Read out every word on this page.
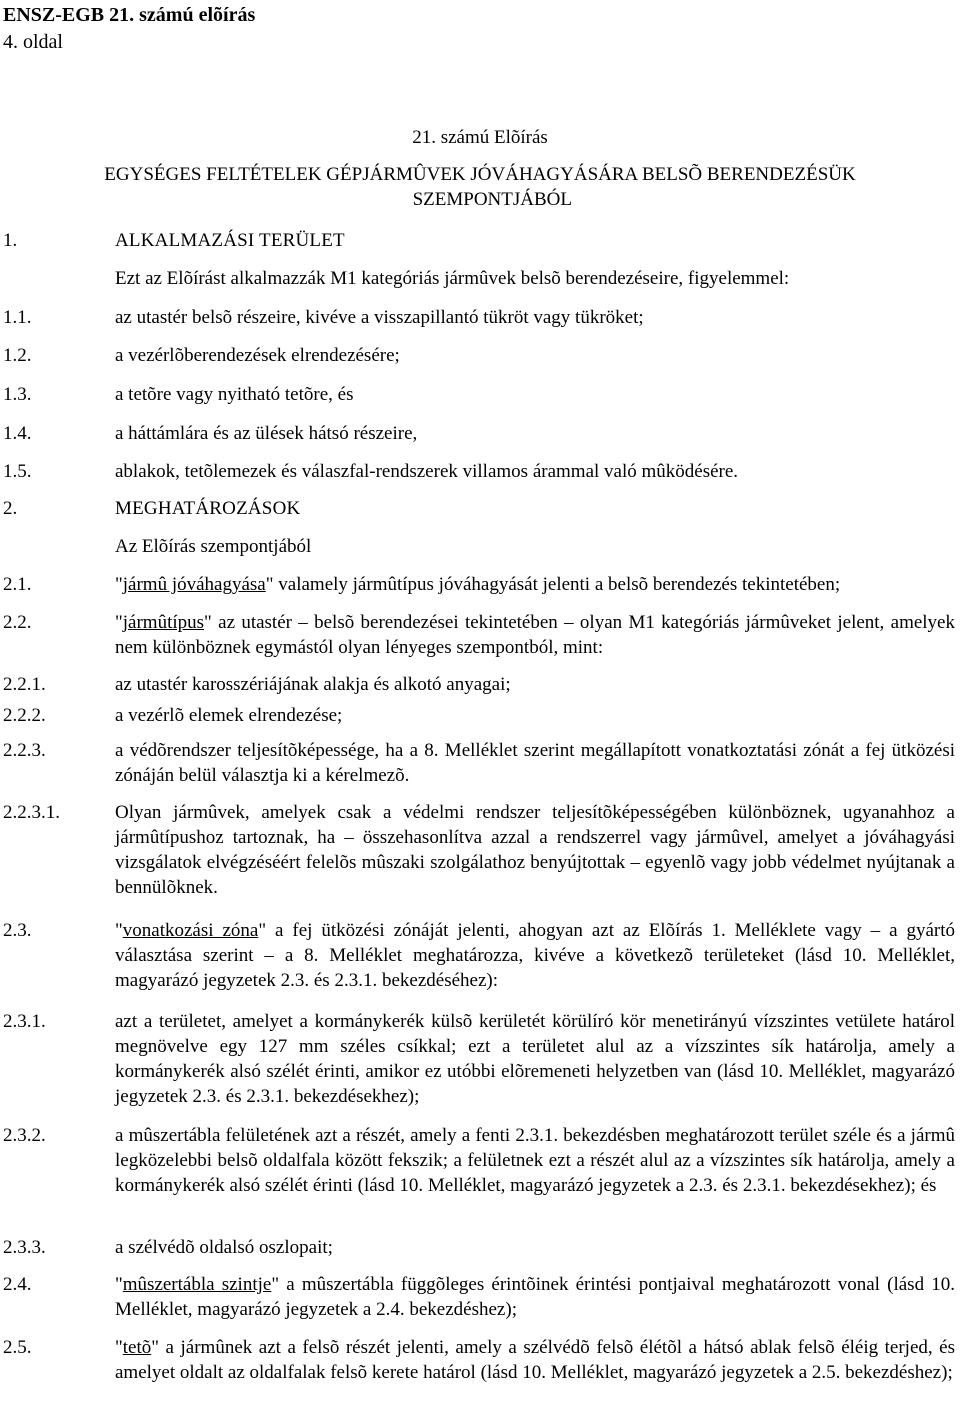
ENSZ-EGB 21. számú elõírás
4. oldal
21. számú Elõírás
EGYSÉGES FELTÉTELEK GÉPJÁRMÛVEK JÓVÁHAGYÁSÁRA BELSÕ BERENDEZÉSÜK
SZEMPONTJÁBÓL
1.	ALKALMAZÁSI TERÜLET
Ezt az Elõírást alkalmazzák M1 kategóriás jármûvek belsõ berendezéseire, figyelemmel:
1.1.	az utastér belsõ részeire, kivéve a visszapillantó tükröt vagy tükröket;
1.2.	a vezérlõberendezések elrendezésére;
1.3.	a tetõre vagy nyitható tetõre, és
1.4.	a háttámlára és az ülések hátsó részeire,
1.5.	ablakok, tetõlemezek és válaszfal-rendszerek villamos árammal való mûködésére.
2.	MEGHATÁROZÁSOK
Az Elõírás szempontjából
2.1.	"jármû jóváhagyása" valamely jármûtípus jóváhagyását jelenti a belsõ berendezés tekintetében;
2.2.	"jármûtípus" az utastér – belsõ berendezései tekintetében – olyan M1 kategóriás jármûveket jelent, amelyek nem különböznek egymástól olyan lényeges szempontból, mint:
2.2.1.	az utastér karosszériájának alakja és alkotó anyagai;
2.2.2.	a vezérlõ elemek elrendezése;
2.2.3.	a védõrendszer teljesítõképessége, ha a 8. Melléklet szerint megállapított vonatkoztatási zónát a fej ütközési zónáján belül választja ki a kérelmezõ.
2.2.3.1.	Olyan jármûvek, amelyek csak a védelmi rendszer teljesítõképességében különböznek, ugyanahhoz a jármûtípushoz tartoznak, ha – összehasonlítva azzal a rendszerrel vagy jármûvel, amelyet a jóváhagyási vizsgálatok elvégzéséért felelõs mûszaki szolgálathoz benyújtottak – egyenlõ vagy jobb védelmet nyújtanak a bennülõknek.
2.3.	"vonatkozási zóna" a fej ütközési zónáját jelenti, ahogyan azt az Elõírás 1. Melléklete vagy – a gyártó választása szerint – a 8. Melléklet meghatározza, kivéve a következõ területeket (lásd 10. Melléklet, magyarázó jegyzetek 2.3. és 2.3.1. bekezdéséhez):
2.3.1.	azt a területet, amelyet a kormánykerék külsõ kerületét körülíró kör menetirányú vízszintes vetülete határol megnövelve egy 127 mm széles csíkkal; ezt a területet alul az a vízszintes sík határolja, amely a kormánykerék alsó szélét érinti, amikor ez utóbbi elõremeneti helyzetben van (lásd 10. Melléklet, magyarázó jegyzetek 2.3. és 2.3.1. bekezdésekhez);
2.3.2.	a mûszertábla felületének azt a részét, amely a fenti 2.3.1. bekezdésben meghatározott terület széle és a jármû legközelebbi belsõ oldalfala között fekszik; a felületnek ezt a részét alul az a vízszintes sík határolja, amely a kormánykerék alsó szélét érinti (lásd 10. Melléklet, magyarázó jegyzetek a 2.3. és 2.3.1. bekezdésekhez); és
2.3.3.	a szélvédõ oldalsó oszlopait;
2.4.	"mûszertábla szintje" a mûszertábla függõleges érintõinek érintési pontjaival meghatározott vonal (lásd 10. Melléklet, magyarázó jegyzetek a 2.4. bekezdéshez);
2.5.	"tetõ" a jármûnek azt a felsõ részét jelenti, amely a szélvédõ felsõ élétõl a hátsó ablak felsõ éléig terjed, és amelyet oldalt az oldalfalak felsõ kerete határol (lásd 10. Melléklet, magyarázó jegyzetek a 2.5. bekezdéshez);
